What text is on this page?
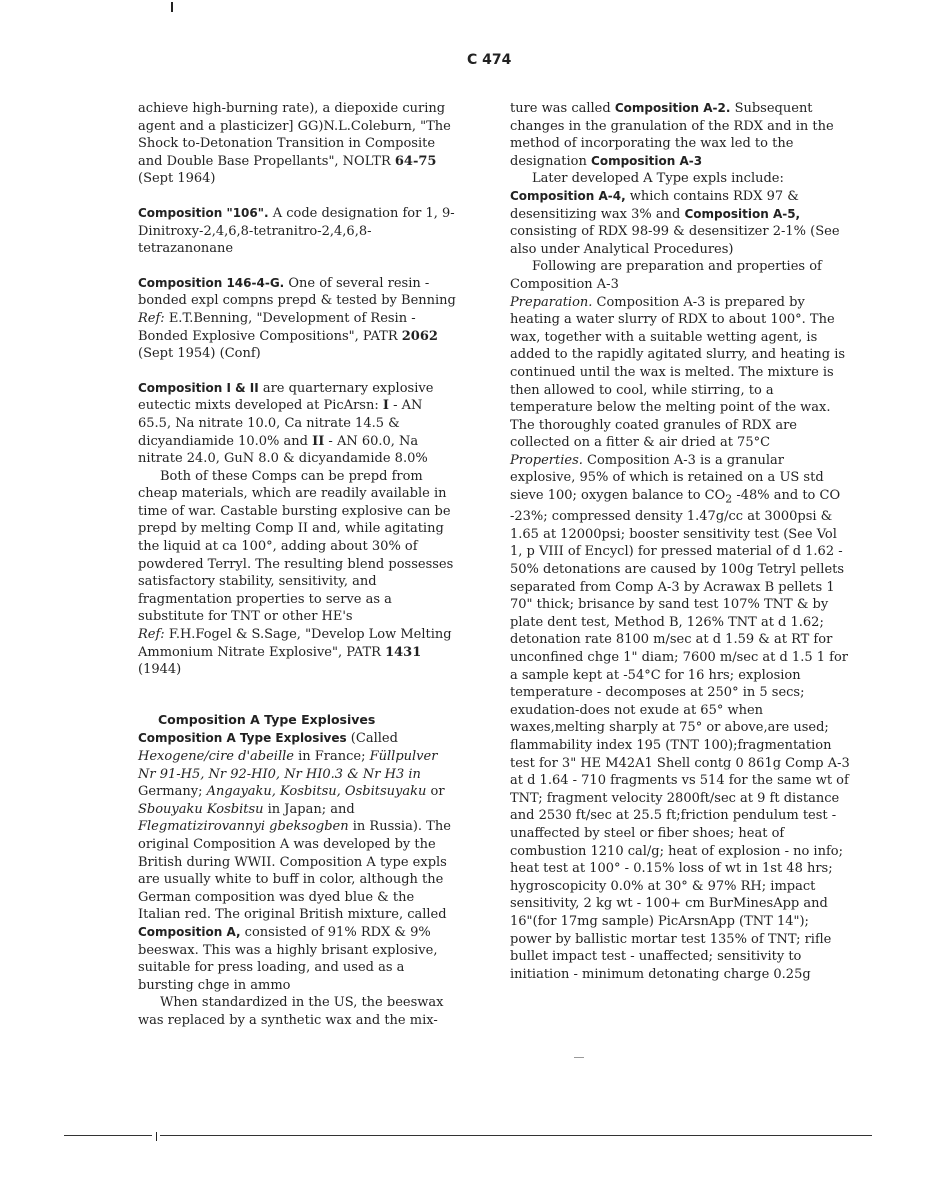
C 474

achieve high-burning rate), a diepoxide curing agent and a plasticizer] GG)N.L.Coleburn, "The Shock to-Detonation Transition in Composite and Double Base Propellants", NOLTR 64-75 (Sept 1964)

Composition "106". A code designation for 1, 9-Dinitroxy-2,4,6,8-tetranitro-2,4,6,8-tetrazanonane

Composition 146-4-G. One of several resin -bonded expl compns prepd & tested by Benning Ref: E.T.Benning, "Development of Resin -Bonded Explosive Compositions", PATR 2062 (Sept 1954) (Conf)

Composition I & II are quarternary explosive eutectic mixts developed at PicArsn: I - AN 65.5, Na nitrate 10.0, Ca nitrate 14.5 & dicyandiamide 10.0% and II - AN 60.0, Na nitrate 24.0, GuN 8.0 & dicyandamide 8.0%

Both of these Comps can be prepd from cheap materials, which are readily available in time of war. Castable bursting explosive can be prepd by melting Comp II and, while agitating the liquid at ca 100°, adding about 30% of powdered Terryl. The resulting blend possesses satisfactory stability, sensitivity, and fragmentation properties to serve as a substitute for TNT or other HE's

Ref: F.H.Fogel & S.Sage, "Develop Low Melting Ammonium Nitrate Explosive", PATR 1431 (1944)

Composition A Type Explosives

Composition A Type Explosives (Called Hexogene/cire d'abeille in France; Füllpulver Nr 91-H5, Nr 92-HI0, Nr HI0.3 & Nr H3 in Germany; Angayaku, Kosbitsu, Osbitsuyaku or Sbouyaku Kosbitsu in Japan; and Flegmatizirovannyi gbeksogben in Russia). The original Composition A was developed by the British during WWII. Composition A type expls are usually white to buff in color, although the German composition was dyed blue & the Italian red. The original British mixture, called Composition A, consisted of 91% RDX & 9% beeswax. This was a highly brisant explosive, suitable for press loading, and used as a bursting chge in ammo

When standardized in the US, the beeswax was replaced by a synthetic wax and the mix-

ture was called Composition A-2. Subsequent changes in the granulation of the RDX and in the method of incorporating the wax led to the designation Composition A-3

Later developed A Type expls include: Composition A-4, which contains RDX 97 & desensitizing wax 3% and Composition A-5, consisting of RDX 98-99 & desensitizer 2-1% (See also under Analytical Procedures)

Following are preparation and properties of Composition A-3

Preparation. Composition A-3 is prepared by heating a water slurry of RDX to about 100°. The wax, together with a suitable wetting agent, is added to the rapidly agitated slurry, and heating is continued until the wax is melted. The mixture is then allowed to cool, while stirring, to a temperature below the melting point of the wax. The thoroughly coated granules of RDX are collected on a fitter & air dried at 75°C

Properties. Composition A-3 is a granular explosive, 95% of which is retained on a US std sieve 100; oxygen balance to $CO_2$ -48% and to CO -23%; compressed density 1.47g/cc at 3000psi & 1.65 at 12000psi; booster sensitivity test (See Vol 1, p VIII of Encycl) for pressed material of d 1.62 - 50% detonations are caused by 100g Tetryl pellets separated from Comp A-3 by Acrawax B pellets 1 70" thick; brisance by sand test 107% TNT & by plate dent test, Method B, 126% TNT at d 1.62; detonation rate 8100 m/sec at d 1.59 & at RT for unconfined chge 1" diam; 7600 m/sec at d 1.5 1 for a sample kept at -54°C for 16 hrs; explosion temperature - decomposes at 250° in 5 secs; exudation-does not exude at 65° when waxes,melting sharply at 75° or above,are used; flammability index 195 (TNT 100);fragmentation test for 3" HE M42A1 Shell contg 0 861g Comp A-3 at d 1.64 - 710 fragments vs 514 for the same wt of TNT; fragment velocity 2800ft/sec at 9 ft distance and 2530 ft/sec at 25.5 ft;friction pendulum test - unaffected by steel or fiber shoes; heat of combustion 1210 cal/g; heat of explosion - no info; heat test at 100° - 0.15% loss of wt in 1st 48 hrs; hygroscopicity 0.0% at 30° & 97% RH; impact sensitivity, 2 kg wt - 100+ cm BurMinesApp and 16"(for 17mg sample) PicArsnApp (TNT 14"); power by ballistic mortar test 135% of TNT; rifle bullet impact test - unaffected; sensitivity to initiation - minimum detonating charge 0.25g
